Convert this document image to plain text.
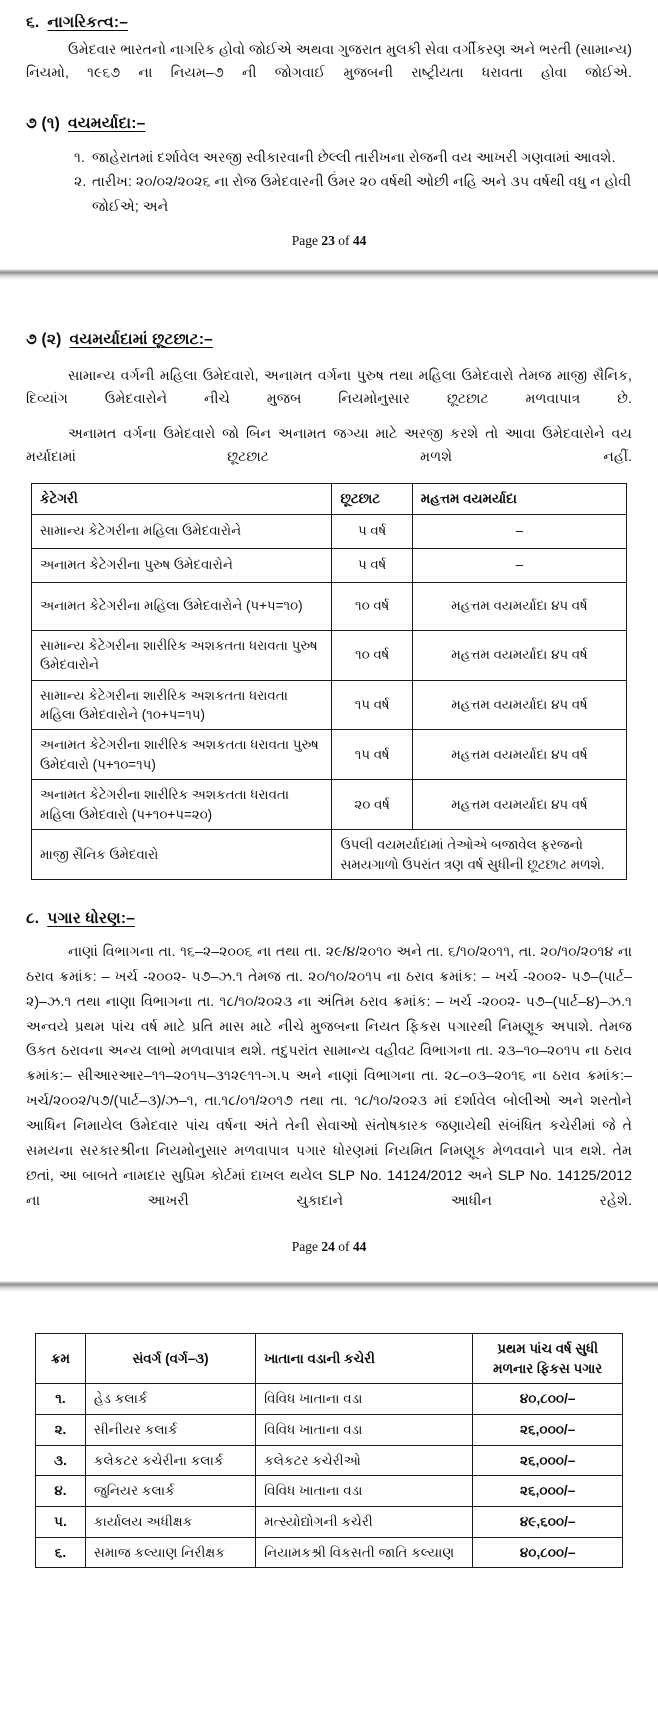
૬. નાગરિકત્વ:–

ઉમેદવાર ભારતનો નાગરિક હોવો જોઈએ અથવા ગુજરાત મુલકી સેવા વર્ગીકરણ અને ભરતી (સામાન્ય) નિયમો, ૧૯૬૭ ના નિયમ–૭ ની જોગવાઈ મુજબની રાષ્ટ્રીયતા ધરાવતા હોવા જોઈએ.

૭ (૧) વયમર્યાદા:–
૧. જાહેરાતમાં દર્શાવેલ અરજી સ્વીકારવાની છેલ્લી તારીખના રોજની વય આખરી ગણવામાં આવશે.
૨. તારીખ: ૨૦/૦૨/૨૦૨૬ ના રોજ ઉમેદવારની ઉંમર ૨૦ વર્ષથી ઓછી નહિ અને ૩૫ વર્ષથી વધુ ન હોવી જોઈએ; અને
Page 23 of 44
૭ (૨) વયમર્યાદામાં છૂટછાટ:–

સામાન્ય વર્ગની મહિલા ઉમેદવારો, અનામત વર્ગના પુરુષ તથા મહિલા ઉમેદવારો તેમજ માજી સૈનિક, દિવ્યાંગ ઉમેદવારોને નીચે મુજબ નિયમોનુસાર છૂટછાટ મળવાપાત્ર છે.

અનામત વર્ગના ઉમેદવારો જો બિન અનામત જગ્યા માટે અરજી કરશે તો આવા ઉમેદવારોને વય મર્યાદામાં છૂટછાટ મળશે નહીં.

કેટેગરી	છૂટછાટ	મહત્તમ વયમર્યાદા
સામાન્ય કેટેગરીના મહિલા ઉમેદવારોને	પ વર્ષ	–
અનામત કેટેગરીના પુરુષ ઉમેદવારોને	પ વર્ષ	–
અનામત કેટેગરીના મહિલા ઉમેદવારોને (પ+પ=૧૦)	૧૦ વર્ષ	મહત્તમ વયમર્યાદા ૪પ વર્ષ
સામાન્ય કેટેગરીના શારીરિક અશકતતા ધરાવતા પુરુષ ઉમેદવારોને	૧૦ વર્ષ	મહત્તમ વયમર્યાદા ૪પ વર્ષ
સામાન્ય કેટેગરીના શારીરિક અશકતતા ધરાવતા મહિલા ઉમેદવારોને (૧૦+પ=૧પ)	૧પ વર્ષ	મહત્તમ વયમર્યાદા ૪પ વર્ષ
અનામત કેટેગરીના શારીરિક અશકતતા ધરાવતા પુરુષ ઉમેદવારો (પ+૧૦=૧પ)	૧પ વર્ષ	મહત્તમ વયમર્યાદા ૪પ વર્ષ
અનામત કેટેગરીના શારીરિક અશકતતા ધરાવતા મહિલા ઉમેદવારો (પ+૧૦+પ=૨૦)	૨૦ વર્ષ	મહત્તમ વયમર્યાદા ૪પ વર્ષ
માજી સૈનિક ઉમેદવારો	ઉપલી વયમર્યાદામાં તેઓએ બજાવેલ ફરજનો સમયગાળો ઉપરાંત ત્રણ વર્ષ સુધીની છૂટછાટ મળશે.	
૮. પગાર ધોરણ:–

નાણાં વિભાગના તા. ૧૬–૨–૨૦૦૬ ના તથા તા. ૨૯/૪/૨૦૧૦ અને તા. ૬/૧૦/૨૦૧૧, તા. ૨૦/૧૦/૨૦૧૪ ના ઠરાવ ક્રમાંક: – ખર્ચ -૨૦૦૨- પ૭–ઝ.૧ તેમજ તા. ૨૦/૧૦/૨૦૧૫ ના ઠરાવ ક્રમાંક: – ખર્ચ -૨૦૦૨- પ૭–(પાર્ટ–૨)–ઝ.૧ તથા નાણા વિભાગના તા. ૧૮/૧૦/૨૦૨૩ ના અંતિમ ઠરાવ ક્રમાંક: – ખર્ચ -૨૦૦૨- પ૭–(પાર્ટ–૪)–ઝ.૧ અન્વયે પ્રથમ પાંચ વર્ષ માટે પ્રતિ માસ માટે નીચે મુજબના નિયત ફિકસ પગારથી નિમણૂક અપાશે. તેમજ ઉકત ઠરાવના અન્ય લાભો મળવાપાત્ર થશે. તદુપરાંત સામાન્ય વહીવટ વિભાગના તા. ૨૩–૧૦–૨૦૧૫ ના ઠરાવ ક્રમાંક:– સીઆરઆર–૧૧–૨૦૧૫–૩૧૨૯૧૧-ગ.પ અને નાણાં વિભાગના તા. ૨૮–૦૩–૨૦૧૬ ના ઠરાવ ક્રમાંક:– ખર્ચ/૨૦૦૨/પ૭/(પાર્ટ–૩)/ઝ–૧, તા.૧૮/૦૧/૨૦૧૭ તથા તા. ૧૮/૧૦/૨૦૨૩ માં દર્શાવેલ બોલીઓ અને શરતોને આધિન નિમાયેલ ઉમેદવાર પાંચ વર્ષના અંતે તેની સેવાઓ સંતોષકારક જણાયેથી સંબંધિત કચેરીમાં જે તે સમયના સરકારશ્રીના નિયમોનુસાર મળવાપાત્ર પગાર ધોરણમાં નિયમિત નિમણૂક મેળવવાને પાત્ર થશે. તેમ છતાં, આ બાબતે નામદાર સુપ્રિમ કોર્ટમાં દાખલ થયેલ SLP No. 14124/2012 અને SLP No. 14125/2012 ના આખરી ચુકાદાને આધીન રહેશે.

Page 24 of 44
ક્રમ	સંવર્ગ (વર્ગ–૩)	ખાતાના વડાની કચેરી	પ્રથમ પાંચ વર્ષ સુધી
મળનાર ફિકસ પગાર

૧.	હેડ કલાર્ક	વિવિધ ખાતાના વડા	૪૦,૮૦૦/–
૨.	સીનીયર કલાર્ક	વિવિધ ખાતાના વડા	૨૬,૦૦૦/–
૩.	કલેકટર કચેરીના કલાર્ક	કલેકટર કચેરીઓ	૨૬,૦૦૦/–
૪.	જુનિયર કલાર્ક	વિવિધ ખાતાના વડા	૨૬,૦૦૦/–
પ.	કાર્યાલય અધીક્ષક	મત્સ્યોદ્યોગની કચેરી	૪૯,૬૦૦/–
૬.	સમાજ કલ્યાણ નિરીક્ષક	નિયામકશ્રી વિકસતી જાતિ કલ્યાણ	૪૦,૮૦૦/–
